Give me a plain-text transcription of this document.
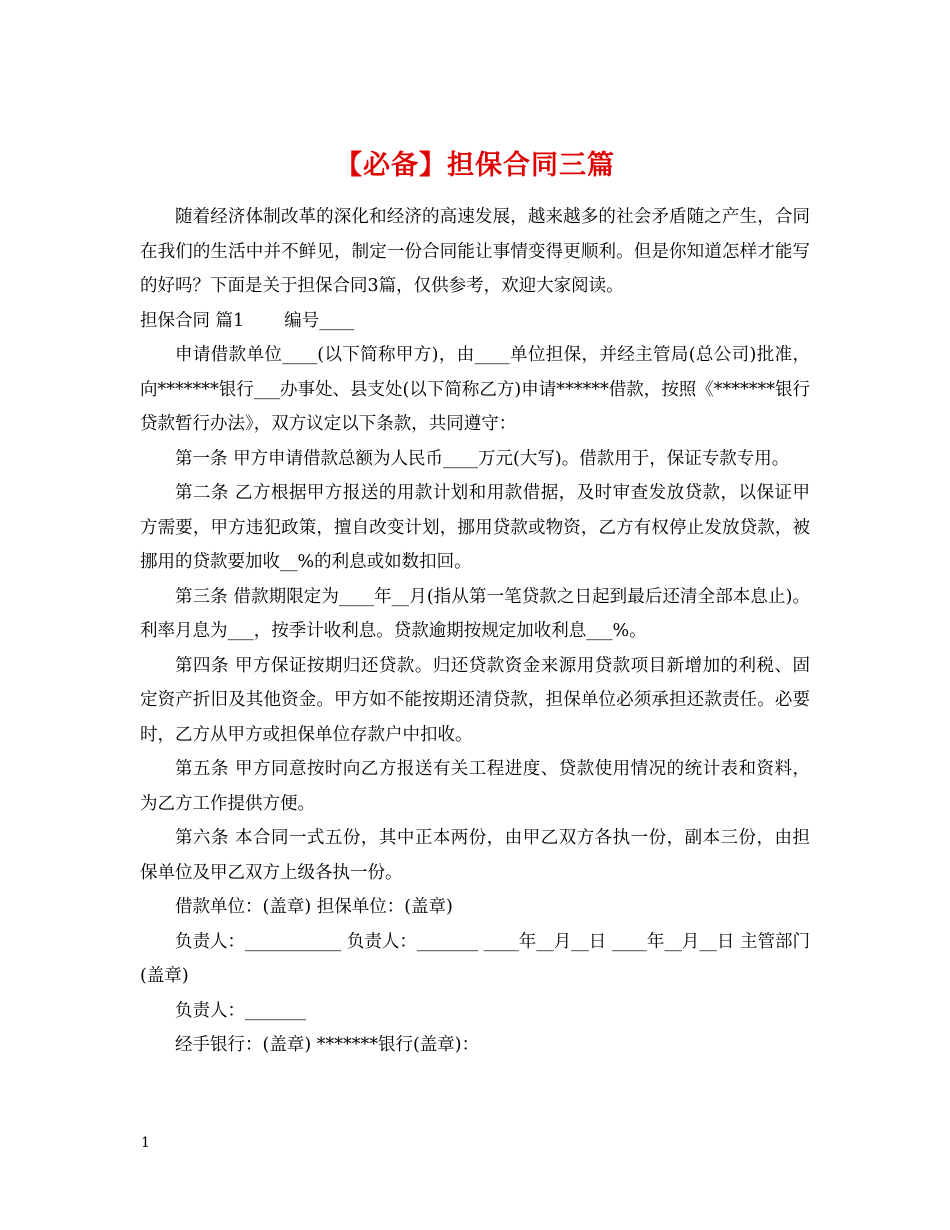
【必备】担保合同三篇

随着经济体制改革的深化和经济的高速发展，越来越多的社会矛盾随之产生，合同在我们的生活中并不鲜见，制定一份合同能让事情变得更顺利。但是你知道怎样才能写的好吗？下面是关于担保合同3篇，仅供参考，欢迎大家阅读。

担保合同 篇1 编号____

申请借款单位____(以下简称甲方)，由____单位担保，并经主管局(总公司)批准，向*******银行___办事处、县支处(以下简称乙方)申请******借款，按照《*******银行贷款暂行办法》，双方议定以下条款，共同遵守：

第一条 甲方申请借款总额为人民币____万元(大写)。借款用于，保证专款专用。

第二条 乙方根据甲方报送的用款计划和用款借据，及时审查发放贷款，以保证甲方需要，甲方违犯政策，擅自改变计划，挪用贷款或物资，乙方有权停止发放贷款，被挪用的贷款要加收__%的利息或如数扣回。

第三条 借款期限定为____年__月(指从第一笔贷款之日起到最后还清全部本息止)。利率月息为___，按季计收利息。贷款逾期按规定加收利息___%。

第四条 甲方保证按期归还贷款。归还贷款资金来源用贷款项目新增加的利税、固定资产折旧及其他资金。甲方如不能按期还清贷款，担保单位必须承担还款责任。必要时，乙方从甲方或担保单位存款户中扣收。

第五条 甲方同意按时向乙方报送有关工程进度、贷款使用情况的统计表和资料，为乙方工作提供方便。

第六条 本合同一式五份，其中正本两份，由甲乙双方各执一份，副本三份，由担保单位及甲乙双方上级各执一份。

借款单位：(盖章) 担保单位：(盖章)

负责人：___________ 负责人：_______ ____年__月__日 ____年__月__日 主管部门(盖章)

负责人：_______

经手银行：(盖章) *******银行(盖章)：

1
